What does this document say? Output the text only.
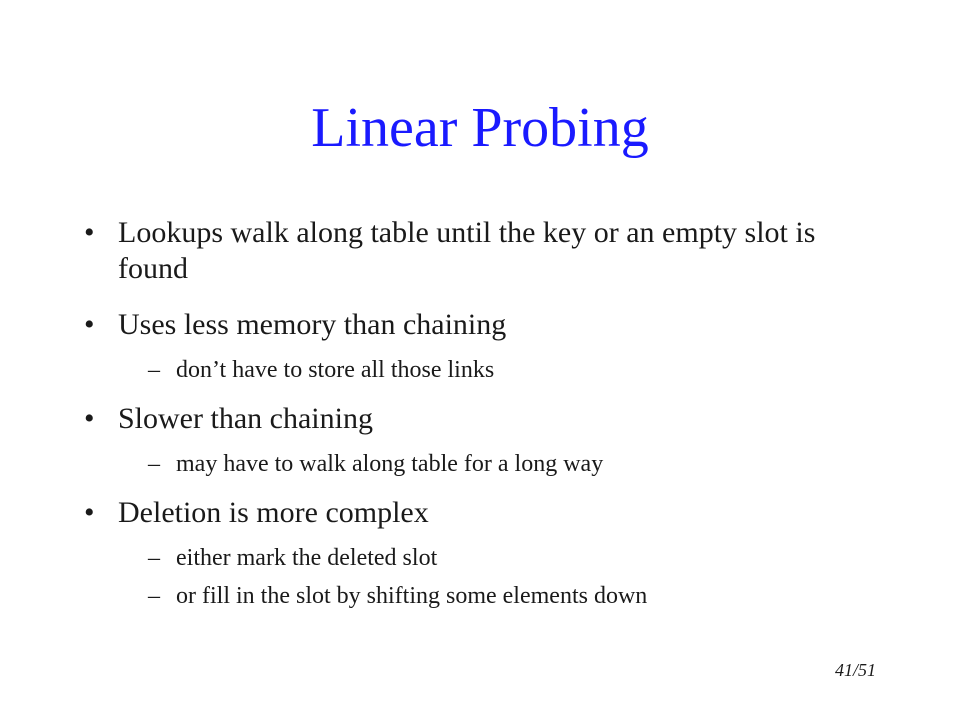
Linear Probing
• Lookups walk along table until the key or an empty slot is found
• Uses less memory than chaining
– don’t have to store all those links
• Slower than chaining
– may have to walk along table for a long way
• Deletion is more complex
– either mark the deleted slot
– or fill in the slot by shifting some elements down
41/51
